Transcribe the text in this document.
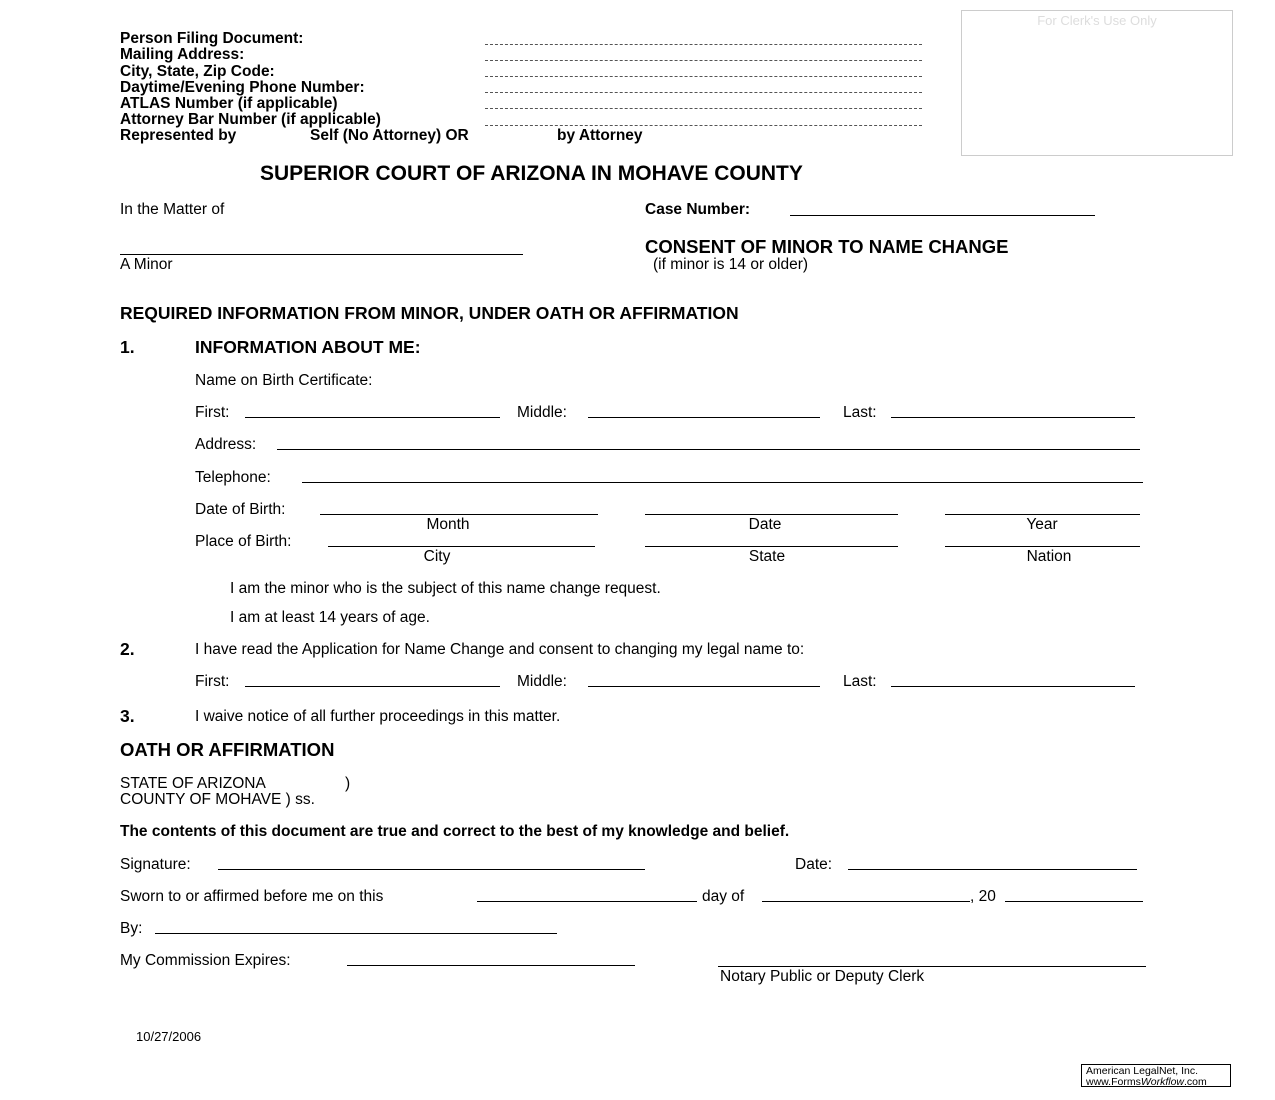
Person Filing Document:
Mailing Address:
City, State, Zip Code:
Daytime/Evening Phone Number:
ATLAS Number (if applicable)
Attorney Bar Number (if applicable)
Represented by	Self (No Attorney) OR	by Attorney
For Clerk's Use Only
SUPERIOR COURT OF ARIZONA IN MOHAVE COUNTY
In the Matter of
A Minor
Case Number:
CONSENT OF MINOR TO NAME CHANGE
(if minor is 14 or older)
REQUIRED INFORMATION FROM MINOR, UNDER OATH OR AFFIRMATION
1.	INFORMATION ABOUT ME:
Name on Birth Certificate:
First:	Middle:	Last:
Address:
Telephone:
Date of Birth:
Month	Date	Year
Place of Birth:
City	State	Nation
I am the minor who is the subject of this name change request.
I am at least 14 years of age.
2.	I have read the Application for Name Change and consent to changing my legal name to:
First:	Middle:	Last:
3.	I waive notice of all further proceedings in this matter.
OATH OR AFFIRMATION
STATE OF ARIZONA	)
COUNTY OF MOHAVE ) ss.
The contents of this document are true and correct to the best of my knowledge and belief.
Signature:	Date:
Sworn to or affirmed before me on this	day of	, 20
By:
My Commission Expires:
Notary Public or Deputy Clerk
10/27/2006
American LegalNet, Inc.
www.FormsWorkflow.com
